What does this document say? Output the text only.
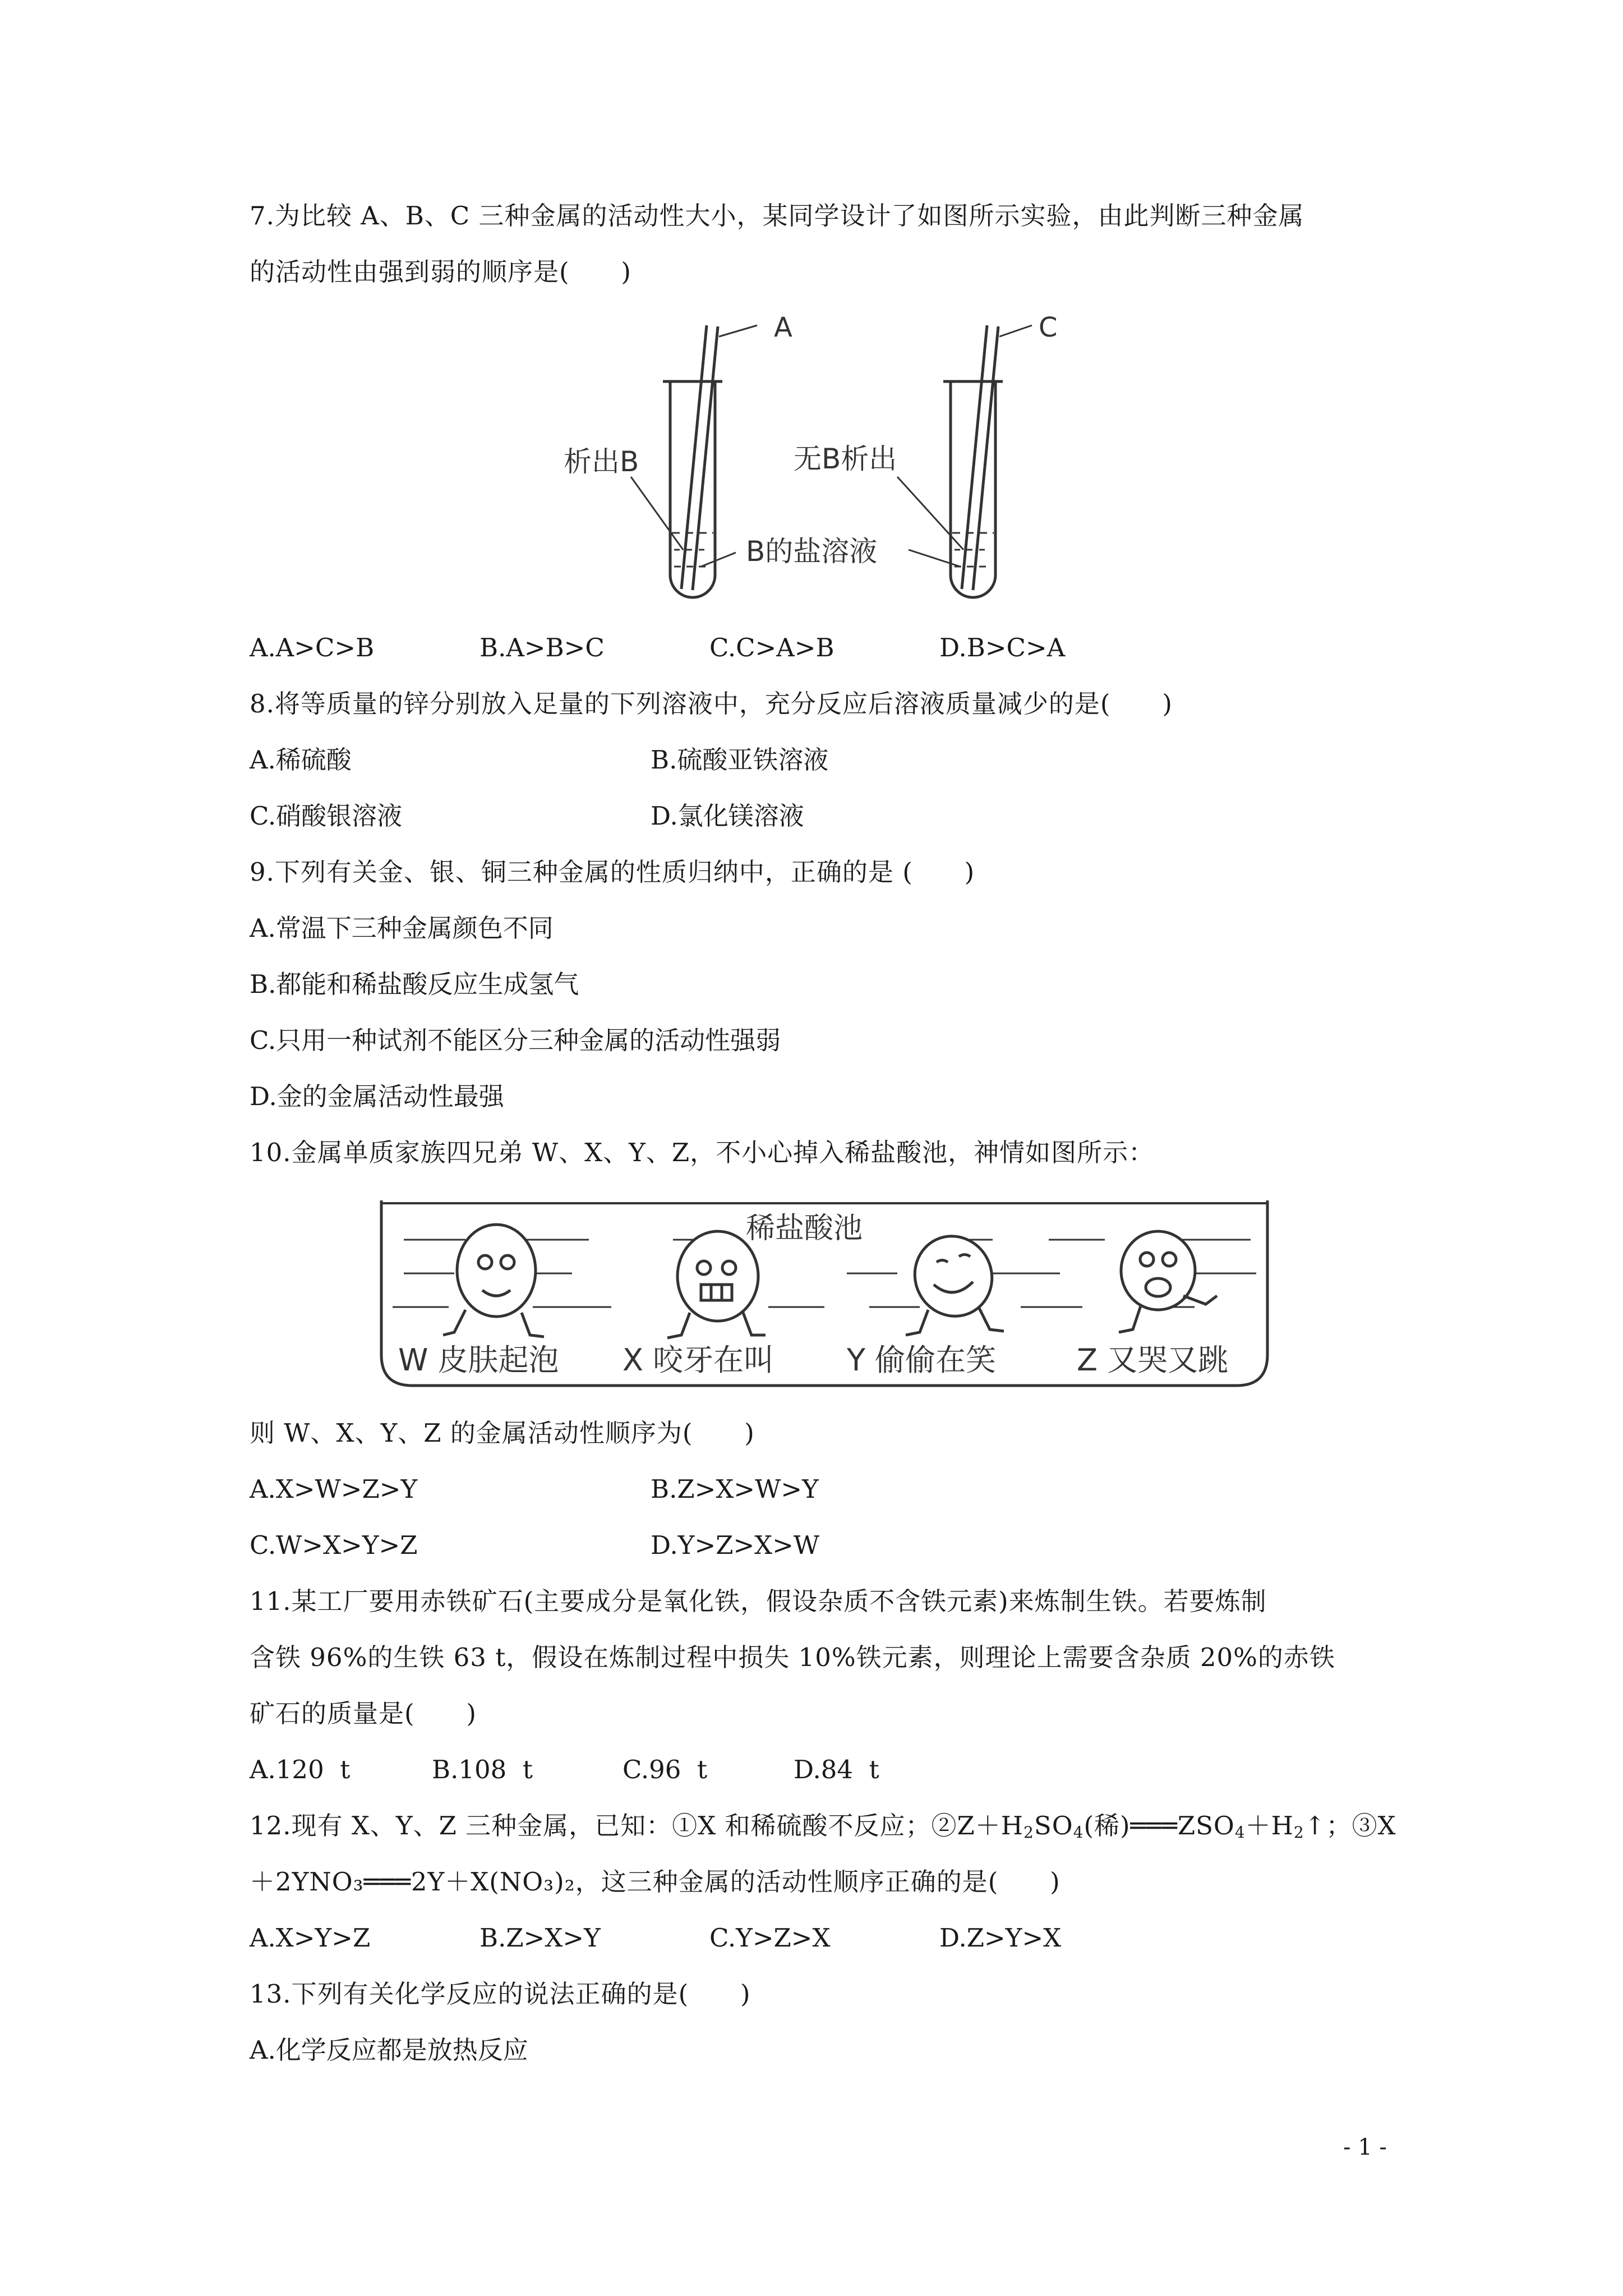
7.为比较 A、B、C 三种金属的活动性大小，某同学设计了如图所示实验，由此判断三种金属
的活动性由强到弱的顺序是(      )
A	C
析出B	无B析出
B的盐溶液
A.A>C>B	B.A>B>C	C.C>A>B	D.B>C>A
8.将等质量的锌分别放入足量的下列溶液中，充分反应后溶液质量减少的是(      )
A.稀硫酸	B.硫酸亚铁溶液
C.硝酸银溶液	D.氯化镁溶液
9.下列有关金、银、铜三种金属的性质归纳中，正确的是 (      )
A.常温下三种金属颜色不同
B.都能和稀盐酸反应生成氢气
C.只用一种试剂不能区分三种金属的活动性强弱
D.金的金属活动性最强
10.金属单质家族四兄弟 W、X、Y、Z，不小心掉入稀盐酸池，神情如图所示：
稀盐酸池
W 皮肤起泡 X 咬牙在叫 Y 偷偷在笑	Z 又哭又跳
则 W、X、Y、Z 的金属活动性顺序为(      )
A.X>W>Z>Y	B.Z>X>W>Y
C.W>X>Y>Z	D.Y>Z>X>W
11.某工厂要用赤铁矿石(主要成分是氧化铁，假设杂质不含铁元素)来炼制生铁。若要炼制
含铁 96%的生铁 63 t，假设在炼制过程中损失 10%铁元素，则理论上需要含杂质 20%的赤铁
矿石的质量是(      )
A.120  t	B.108  t	C.96  t	D.84  t
12.现有 X、Y、Z 三种金属，已知：①X 和稀硫酸不反应；$②Z+H_2SO_4$(稀)$═══ZSO_4+H_2↑$；③X
＋2YNO₃═══2Y＋X(NO₃)₂，这三种金属的活动性顺序正确的是(      )
A.X>Y>Z	B.Z>X>Y	C.Y>Z>X	D.Z>Y>X
13.下列有关化学反应的说法正确的是(      )
A.化学反应都是放热反应
- 1 -
